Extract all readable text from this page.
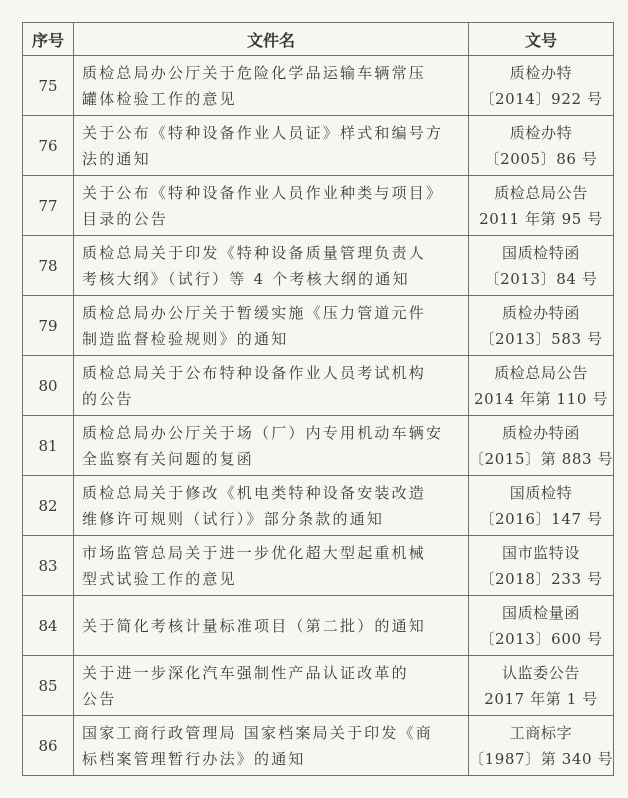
序号	文件名	文号
75	质检总局办公厅关于危险化学品运输车辆常压
罐体检验工作的意见	质检办特
〔2014〕922 号

76	关于公布《特种设备作业人员证》样式和编号方
法的通知	质检办特
〔2005〕86 号

77	关于公布《特种设备作业人员作业种类与项目》
目录的公告	质检总局公告
2011 年第 95 号

78	质检总局关于印发《特种设备质量管理负责人
考核大纲》（试行）等 4 个考核大纲的通知	国质检特函
〔2013〕84 号

79	质检总局办公厅关于暂缓实施《压力管道元件
制造监督检验规则》的通知	质检办特函
〔2013〕583 号

80	质检总局关于公布特种设备作业人员考试机构
的公告	质检总局公告
2014 年第 110 号

81	质检总局办公厅关于场（厂）内专用机动车辆安
全监察有关问题的复函	质检办特函
〔2015〕第 883 号

82	质检总局关于修改《机电类特种设备安装改造
维修许可规则（试行）》部分条款的通知	国质检特
〔2016〕147 号

83	市场监管总局关于进一步优化超大型起重机械
型式试验工作的意见	国市监特设
〔2018〕233 号

84	关于简化考核计量标准项目（第二批）的通知	国质检量函
〔2013〕600 号

85	关于进一步深化汽车强制性产品认证改革的
公告	认监委公告
2017 年第 1 号

86	国家工商行政管理局 国家档案局关于印发《商
标档案管理暂行办法》的通知	工商标字
〔1987〕第 340 号
